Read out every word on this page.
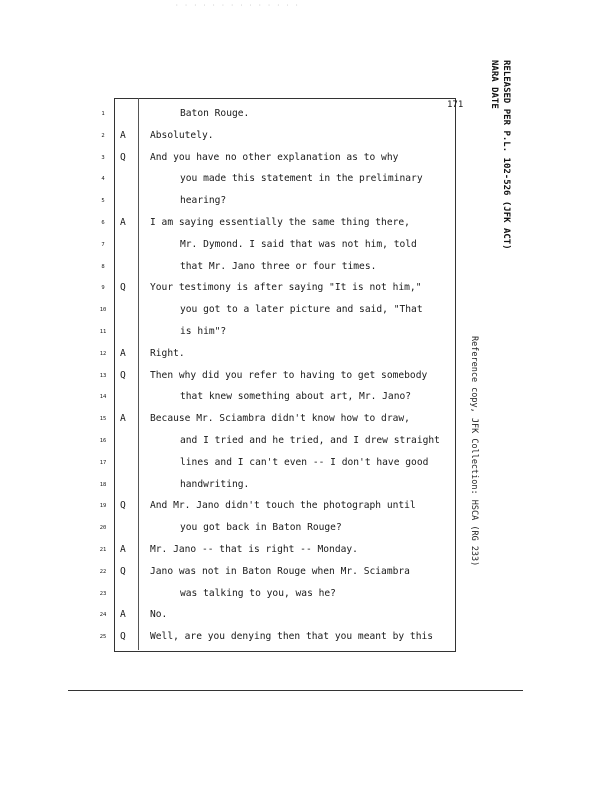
· · · · · · · · · · · · · ·
171
1	Baton Rouge.
2	A	Absolutely.
3	Q	And you have no other explanation as to why
4	you made this statement in the preliminary
5	hearing?
6	A	I am saying essentially the same thing there,
7	Mr. Dymond. I said that was not him, told
8	that Mr. Jano three or four times.
9	Q	Your testimony is after saying "It is not him,"
10	you got to a later picture and said, "That
11	is him"?
12	A	Right.
13	Q	Then why did you refer to having to get somebody
14	that knew something about art, Mr. Jano?
15	A	Because Mr. Sciambra didn't know how to draw,
16	and I tried and he tried, and I drew straight
17	lines and I can't even -- I don't have good
18	handwriting.
19	Q	And Mr. Jano didn't touch the photograph until
20	you got back in Baton Rouge?
21	A	Mr. Jano -- that is right -- Monday.
22	Q	Jano was not in Baton Rouge when Mr. Sciambra
23	was talking to you, was he?
24	A	No.
25	Q	Well, are you denying then that you meant by this
RELEASED PER P.L. 102-526 (JFK ACT)
NARA DATE
Reference copy, JFK Collection: HSCA (RG 233)
